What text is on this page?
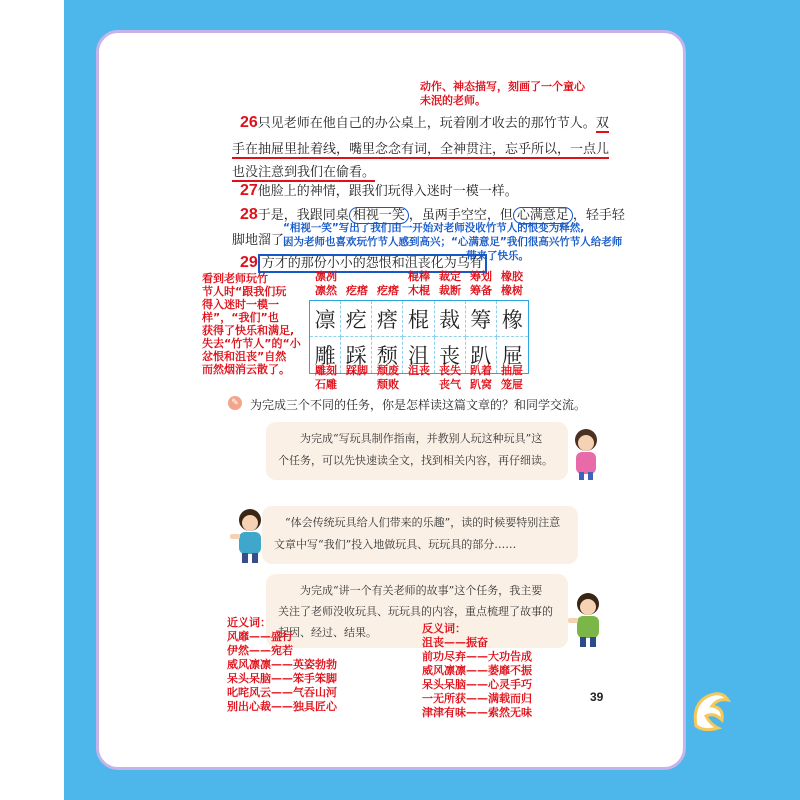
动作、神态描写，刻画了一个童心
未泯的老师。
26只见老师在他自己的办公桌上，玩着刚才收去的那竹节人。双
手在抽屉里扯着线，嘴里念念有词，全神贯注，忘乎所以，一点儿
也没注意到我们在偷看。
27他脸上的神情，跟我们玩得入迷时一模一样。
28于是，我跟同桌 相视一笑 ，虽两手空空，但 心满意足 ，轻手轻
脚地溜了。
“相视一笑”写出了我们由一开始对老师没收竹节人的恨变为释然,
因为老师也喜欢玩竹节人感到高兴；“心满意足”我们很高兴竹节人给老师
带来了快乐。
29 方才的那份小小的怨恨和沮丧化为乌有
看到老师玩竹
节人时“跟我们玩
得入迷时一模一
样”，“我们”也
获得了快乐和满足,
失去“竹节人”的“小
忿恨和沮丧”自然
而然烟消云散了。
凛冽
凛然 疙瘩 疙瘩
棍棒
木棍
裁定
裁断
筹划
筹备
橡胶
橡树
凛 疙 瘩 棍 裁 筹 橡
雕 踩 颓 沮 丧 趴 屉
雕刻
石雕
踩脚 颓废
颓败
沮丧 丧失
丧气
趴着
趴窝
抽屉
笼屉
✎ 为完成三个不同的任务，你是怎样读这篇文章的？和同学交流。
为完成“写玩具制作指南，并教别人玩这种玩具”这
个任务，可以先快速读全文，找到相关内容，再仔细读。
“体会传统玩具给人们带来的乐趣”，读的时候要特别注意
文章中写“我们”投入地做玩具、玩玩具的部分……
为完成“讲一个有关老师的故事”这个任务，我主要
关注了老师没收玩具、玩玩具的内容，重点梳理了故事的
起因、经过、结果。
近义词：
风靡——盛行
伊然——宛若
威风凛凛——英姿勃勃
呆头呆脑——笨手笨脚
叱咤风云——气吞山河
别出心裁——独具匠心
反义词：
沮丧——振奋
前功尽弃——大功告成
威风凛凛——萎靡不振
呆头呆脑——心灵手巧
一无所获——满载而归
津津有味——索然无味
39
